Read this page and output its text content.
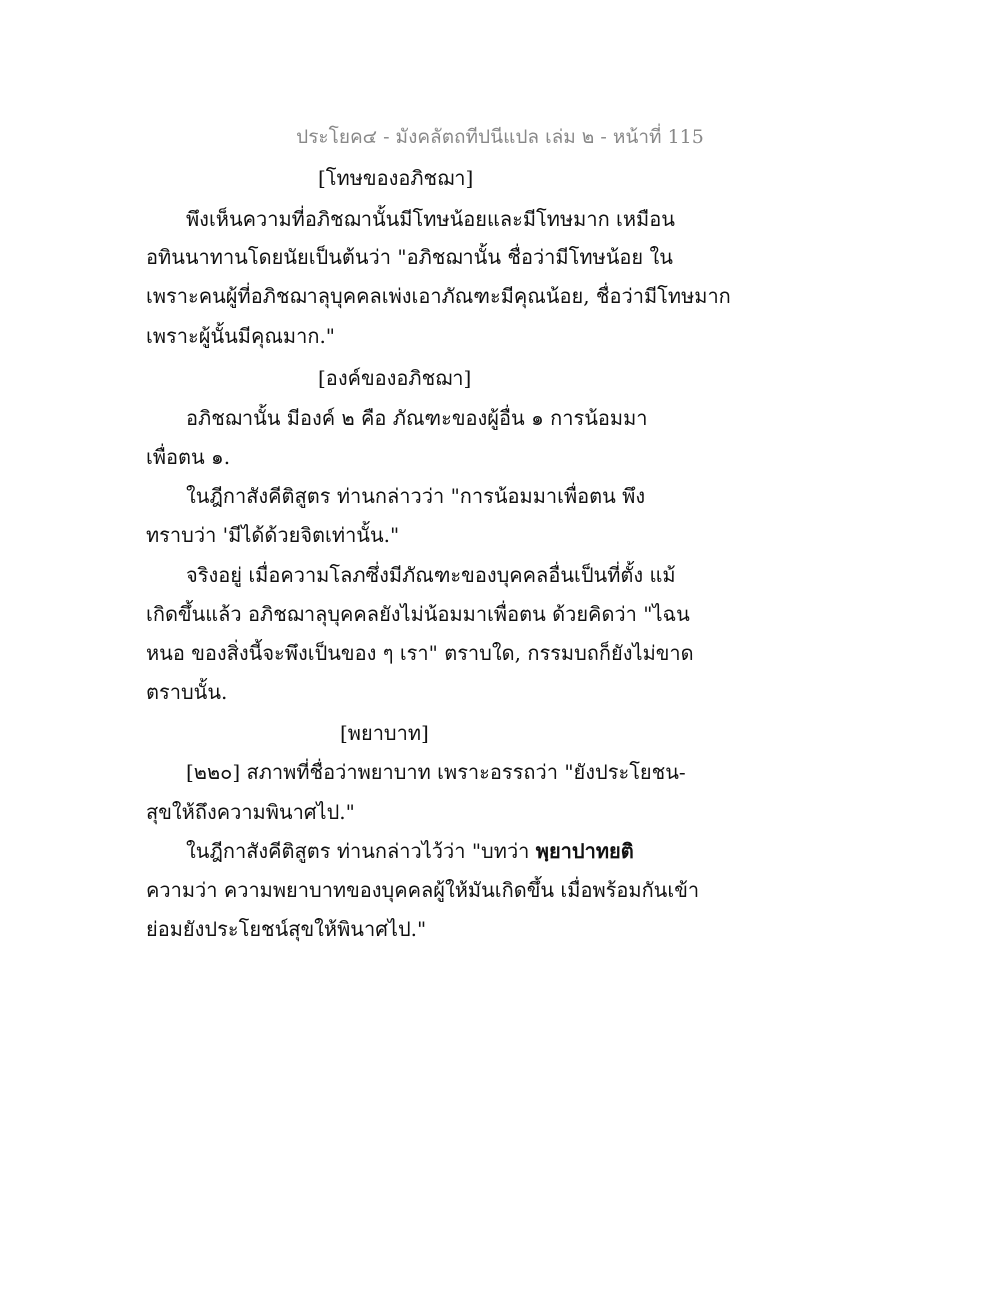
ประโยค๔ - มังคลัตถทีปนีแปล เล่ม ๒ - หน้าที่ 115
[โทษของอภิชฌา]
พึงเห็นความที่อภิชฌานั้นมีโทษน้อยและมีโทษมาก เหมือน
อทินนาทานโดยนัยเป็นต้นว่า "อภิชฌานั้น ชื่อว่ามีโทษน้อย ใน
เพราะคนผู้ที่อภิชฌาลุบุคคลเพ่งเอาภัณฑะมีคุณน้อย, ชื่อว่ามีโทษมาก
เพราะผู้นั้นมีคุณมาก."
[องค์ของอภิชฌา]
อภิชฌานั้น มีองค์ ๒ คือ ภัณฑะของผู้อื่น ๑ การน้อมมา
เพื่อตน ๑.
ในฎีกาสังคีติสูตร ท่านกล่าวว่า "การน้อมมาเพื่อตน พึง
ทราบว่า 'มีได้ด้วยจิตเท่านั้น."
จริงอยู่ เมื่อความโลภซึ่งมีภัณฑะของบุคคลอื่นเป็นที่ตั้ง แม้
เกิดขึ้นแล้ว อภิชฌาลุบุคคลยังไม่น้อมมาเพื่อตน ด้วยคิดว่า "ไฉน
หนอ ของสิ่งนี้จะพึงเป็นของ ๆ เรา" ตราบใด, กรรมบถก็ยังไม่ขาด
ตราบนั้น.
[พยาบาท]
[๒๒๐] สภาพที่ชื่อว่าพยาบาท เพราะอรรถว่า "ยังประโยชน-
สุขให้ถึงความพินาศไป."
ในฎีกาสังคีติสูตร ท่านกล่าวไว้ว่า "บทว่า พฺยาปาทยติ
ความว่า ความพยาบาทของบุคคลผู้ให้มันเกิดขึ้น เมื่อพร้อมกันเข้า
ย่อมยังประโยชน์สุขให้พินาศไป."
